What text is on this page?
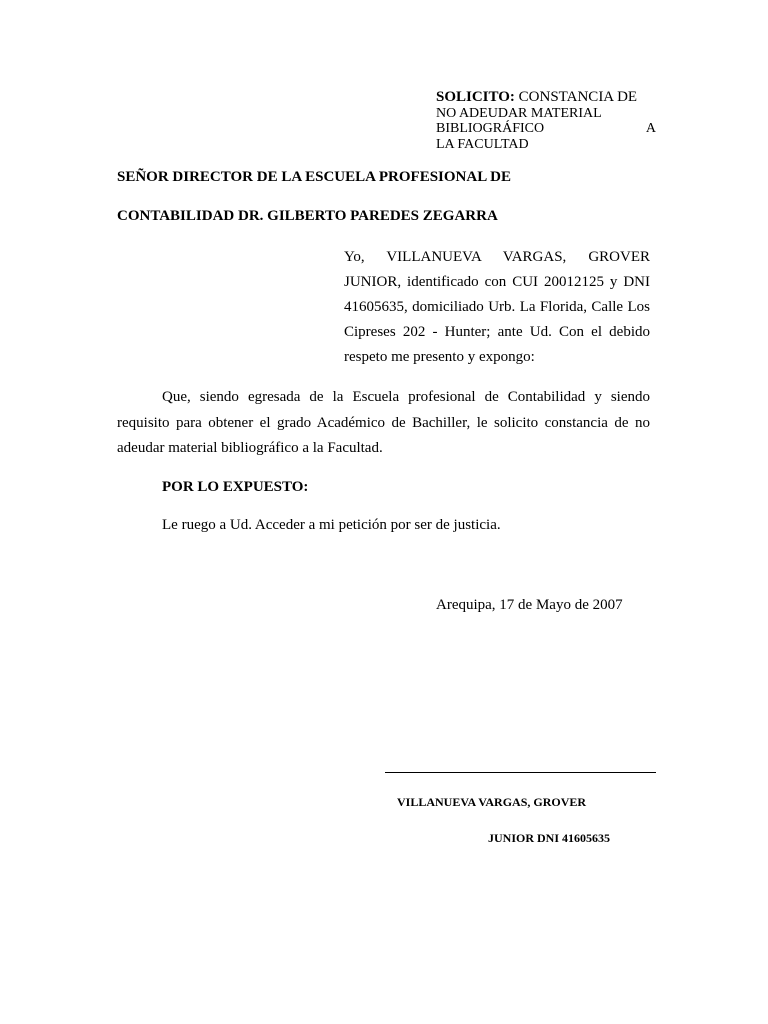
SOLICITO: CONSTANCIA DE
NO ADEUDAR MATERIAL
BIBLIOGRÁFICO	A
LA FACULTAD
SEÑOR DIRECTOR DE LA ESCUELA PROFESIONAL DE
CONTABILIDAD DR. GILBERTO PAREDES ZEGARRA
Yo, VILLANUEVA VARGAS, GROVER JUNIOR, identificado con CUI 20012125 y DNI 41605635, domiciliado Urb. La Florida, Calle Los Cipreses 202 - Hunter; ante Ud. Con el debido respeto me presento y expongo:
Que, siendo egresada de la Escuela profesional de Contabilidad y siendo requisito para obtener el grado Académico de Bachiller, le solicito constancia de no adeudar material bibliográfico a la Facultad.
POR LO EXPUESTO:
Le ruego a Ud. Acceder a mi petición por ser de justicia.
Arequipa, 17 de Mayo de 2007
VILLANUEVA VARGAS, GROVER
JUNIOR DNI 41605635
